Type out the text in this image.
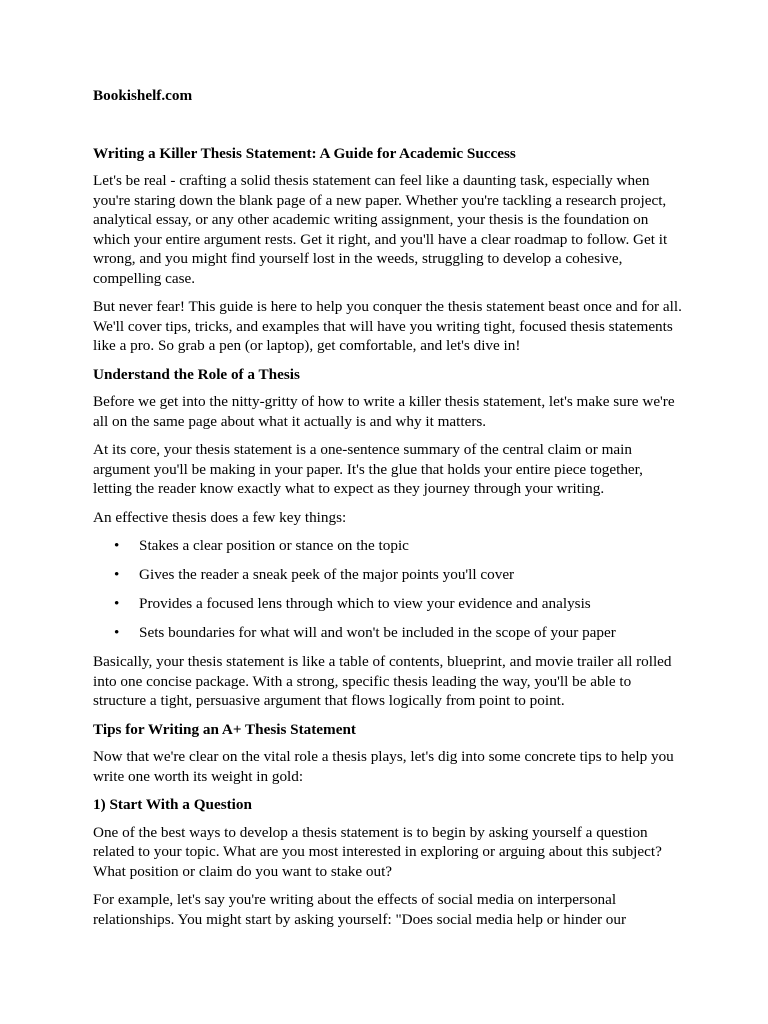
Bookishelf.com
Writing a Killer Thesis Statement: A Guide for Academic Success

Let's be real - crafting a solid thesis statement can feel like a daunting task, especially when you're staring down the blank page of a new paper. Whether you're tackling a research project, analytical essay, or any other academic writing assignment, your thesis is the foundation on which your entire argument rests. Get it right, and you'll have a clear roadmap to follow. Get it wrong, and you might find yourself lost in the weeds, struggling to develop a cohesive, compelling case.

But never fear! This guide is here to help you conquer the thesis statement beast once and for all. We'll cover tips, tricks, and examples that will have you writing tight, focused thesis statements like a pro. So grab a pen (or laptop), get comfortable, and let's dive in!

Understand the Role of a Thesis

Before we get into the nitty-gritty of how to write a killer thesis statement, let's make sure we're all on the same page about what it actually is and why it matters.

At its core, your thesis statement is a one-sentence summary of the central claim or main argument you'll be making in your paper. It's the glue that holds your entire piece together, letting the reader know exactly what to expect as they journey through your writing.

An effective thesis does a few key things:

• Stakes a clear position or stance on the topic
• Gives the reader a sneak peek of the major points you'll cover
• Provides a focused lens through which to view your evidence and analysis
• Sets boundaries for what will and won't be included in the scope of your paper

Basically, your thesis statement is like a table of contents, blueprint, and movie trailer all rolled into one concise package. With a strong, specific thesis leading the way, you'll be able to structure a tight, persuasive argument that flows logically from point to point.

Tips for Writing an A+ Thesis Statement

Now that we're clear on the vital role a thesis plays, let's dig into some concrete tips to help you write one worth its weight in gold:

1) Start With a Question

One of the best ways to develop a thesis statement is to begin by asking yourself a question related to your topic. What are you most interested in exploring or arguing about this subject? What position or claim do you want to stake out?

For example, let's say you're writing about the effects of social media on interpersonal relationships. You might start by asking yourself: "Does social media help or hinder our
